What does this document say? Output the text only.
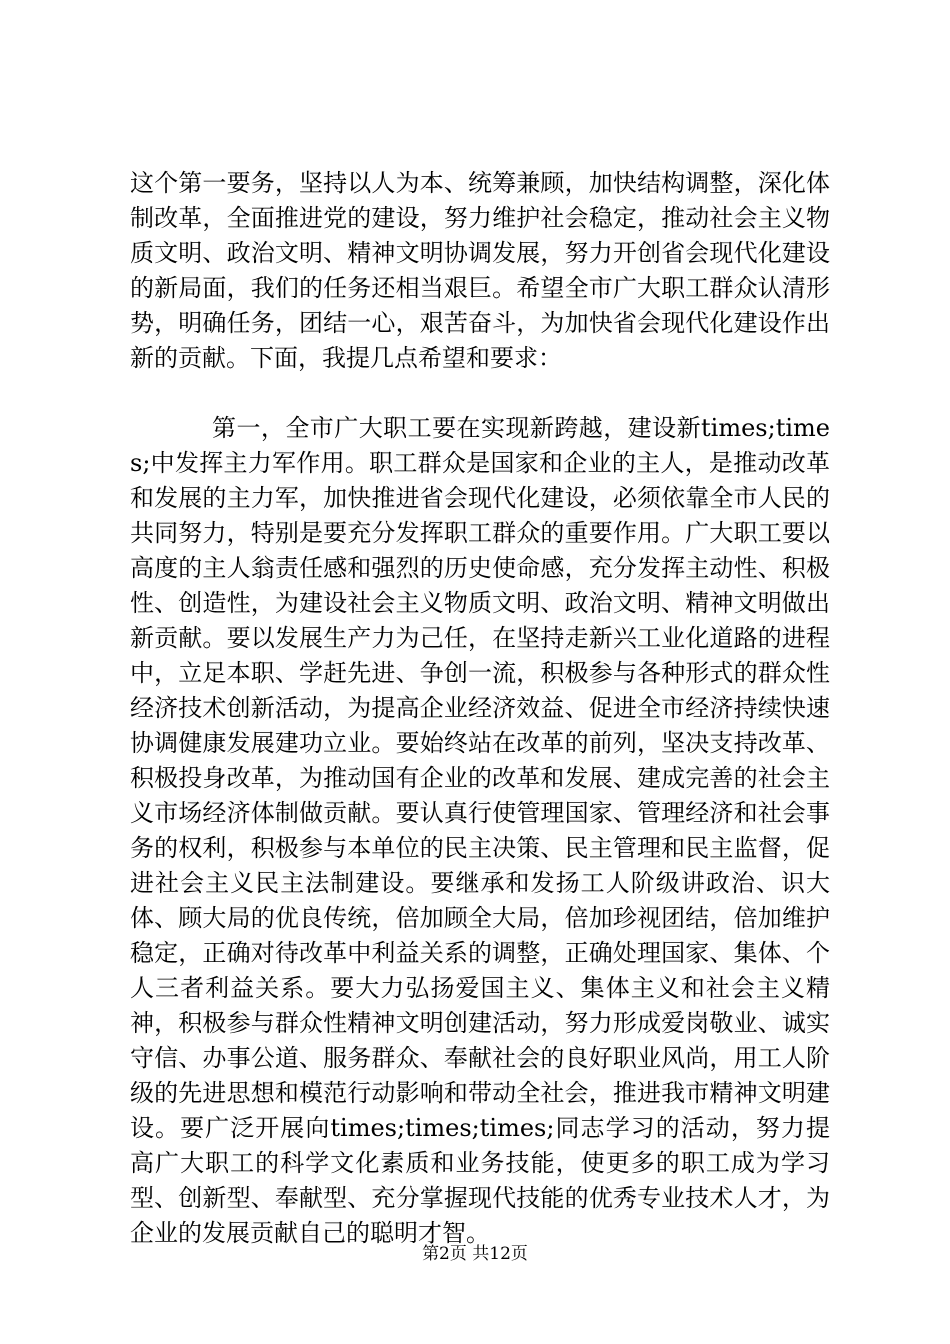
这个第一要务，坚持以人为本、统筹兼顾，加快结构调整，深化体制改革，全面推进党的建设，努力维护社会稳定，推动社会主义物质文明、政治文明、精神文明协调发展，努力开创省会现代化建设的新局面，我们的任务还相当艰巨。希望全市广大职工群众认清形势，明确任务，团结一心，艰苦奋斗，为加快省会现代化建设作出新的贡献。下面，我提几点希望和要求：

第一，全市广大职工要在实现新跨越，建设新times;times;中发挥主力军作用。职工群众是国家和企业的主人，是推动改革和发展的主力军，加快推进省会现代化建设，必须依靠全市人民的共同努力，特别是要充分发挥职工群众的重要作用。广大职工要以高度的主人翁责任感和强烈的历史使命感，充分发挥主动性、积极性、创造性，为建设社会主义物质文明、政治文明、精神文明做出新贡献。要以发展生产力为己任，在坚持走新兴工业化道路的进程中，立足本职、学赶先进、争创一流，积极参与各种形式的群众性经济技术创新活动，为提高企业经济效益、促进全市经济持续快速协调健康发展建功立业。要始终站在改革的前列，坚决支持改革、积极投身改革，为推动国有企业的改革和发展、建成完善的社会主义市场经济体制做贡献。要认真行使管理国家、管理经济和社会事务的权利，积极参与本单位的民主决策、民主管理和民主监督，促进社会主义民主法制建设。要继承和发扬工人阶级讲政治、识大体、顾大局的优良传统，倍加顾全大局，倍加珍视团结，倍加维护稳定，正确对待改革中利益关系的调整，正确处理国家、集体、个人三者利益关系。要大力弘扬爱国主义、集体主义和社会主义精神，积极参与群众性精神文明创建活动，努力形成爱岗敬业、诚实守信、办事公道、服务群众、奉献社会的良好职业风尚，用工人阶级的先进思想和模范行动影响和带动全社会，推进我市精神文明建设。要广泛开展向times;times;times;同志学习的活动，努力提高广大职工的科学文化素质和业务技能，使更多的职工成为学习型、创新型、奉献型、充分掌握现代技能的优秀专业技术人才，为企业的发展贡献自己的聪明才智。

第2页 共12页
